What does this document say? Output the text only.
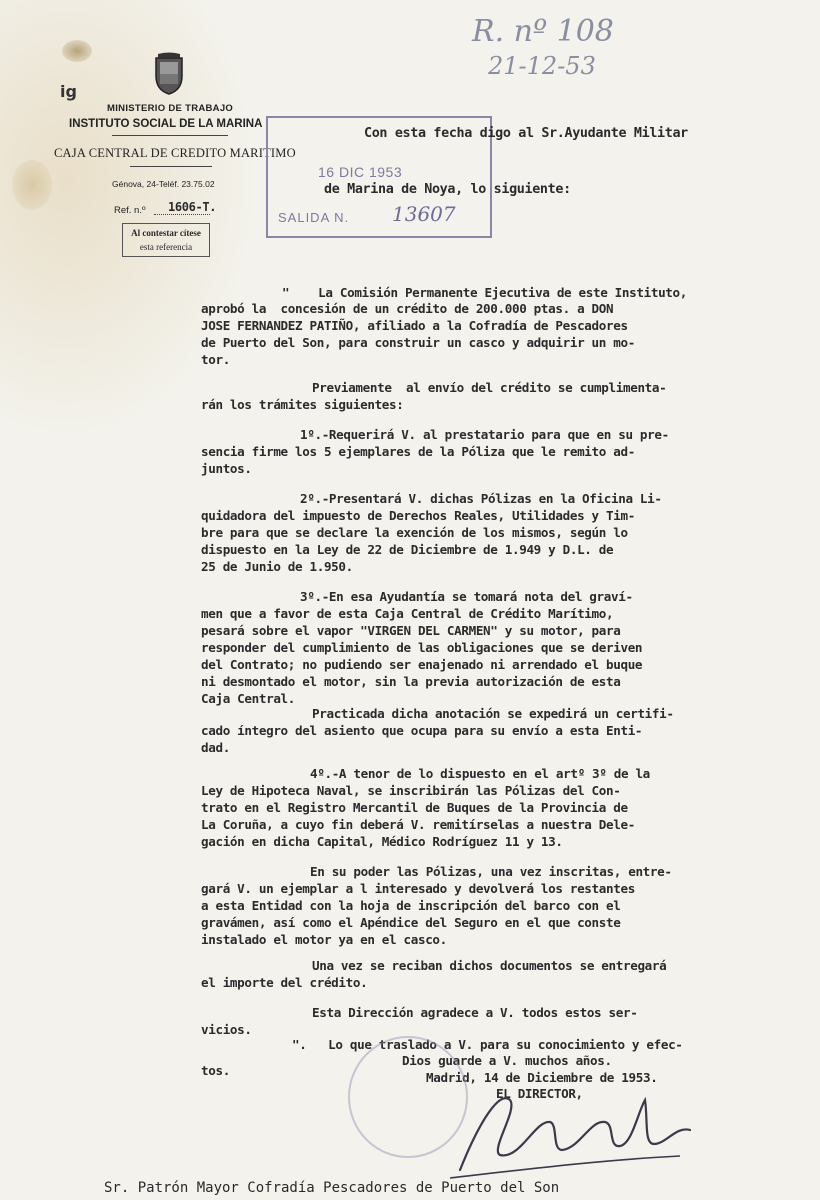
R. nº 108
21-12-53
ig
MINISTERIO DE TRABAJO
INSTITUTO SOCIAL DE LA MARINA
CAJA CENTRAL DE CREDITO MARITIMO
Génova, 24-Teléf. 23.75.02
Ref. n.º 1606-T.
Al contestar cítese
esta referencia
16 DIC 1953
SALIDA N. 13607
Con esta fecha digo al Sr.Ayudante Militar
de Marina de Noya, lo siguiente:
"    La Comisión Permanente Ejecutiva de este Instituto,
aprobó la  concesión de un crédito de 200.000 ptas. a DON
JOSE FERNANDEZ PATIÑO, afiliado a la Cofradía de Pescadores
de Puerto del Son, para construir un casco y adquirir un mo-
tor.
Previamente  al envío del crédito se cumplimenta-
rán los trámites siguientes:
1º.-Requerirá V. al prestatario para que en su pre-
sencia firme los 5 ejemplares de la Póliza que le remito ad-
juntos.
2º.-Presentará V. dichas Pólizas en la Oficina Li-
quidadora del impuesto de Derechos Reales, Utilidades y Tim-
bre para que se declare la exención de los mismos, según lo
dispuesto en la Ley de 22 de Diciembre de 1.949 y D.L. de
25 de Junio de 1.950.
3º.-En esa Ayudantía se tomará nota del graví-
men que a favor de esta Caja Central de Crédito Marítimo,
pesará sobre el vapor "VIRGEN DEL CARMEN" y su motor, para
responder del cumplimiento de las obligaciones que se deriven
del Contrato; no pudiendo ser enajenado ni arrendado el buque
ni desmontado el motor, sin la previa autorización de esta
Caja Central.
Practicada dicha anotación se expedirá un certifi-
cado íntegro del asiento que ocupa para su envío a esta Enti-
dad.
4º.-A tenor de lo dispuesto en el artº 3º de la
Ley de Hipoteca Naval, se inscribirán las Pólizas del Con-
trato en el Registro Mercantil de Buques de la Provincia de
La Coruña, a cuyo fin deberá V. remitírselas a nuestra Dele-
gación en dicha Capital, Médico Rodríguez 11 y 13.
En su poder las Pólizas, una vez inscritas, entre-
gará V. un ejemplar a l interesado y devolverá los restantes
a esta Entidad con la hoja de inscripción del barco con el
gravámen, así como el Apéndice del Seguro en el que conste
instalado el motor ya en el casco.
Una vez se reciban dichos documentos se entregará
el importe del crédito.
Esta Dirección agradece a V. todos estos ser-
vicios.
".   Lo que traslado a V. para su conocimiento y efec-
Dios guarde a V. muchos años.
tos.	Madrid, 14 de Diciembre de 1953.
EL DIRECTOR,
Sr. Patrón Mayor Cofradía Pescadores de Puerto del Son
